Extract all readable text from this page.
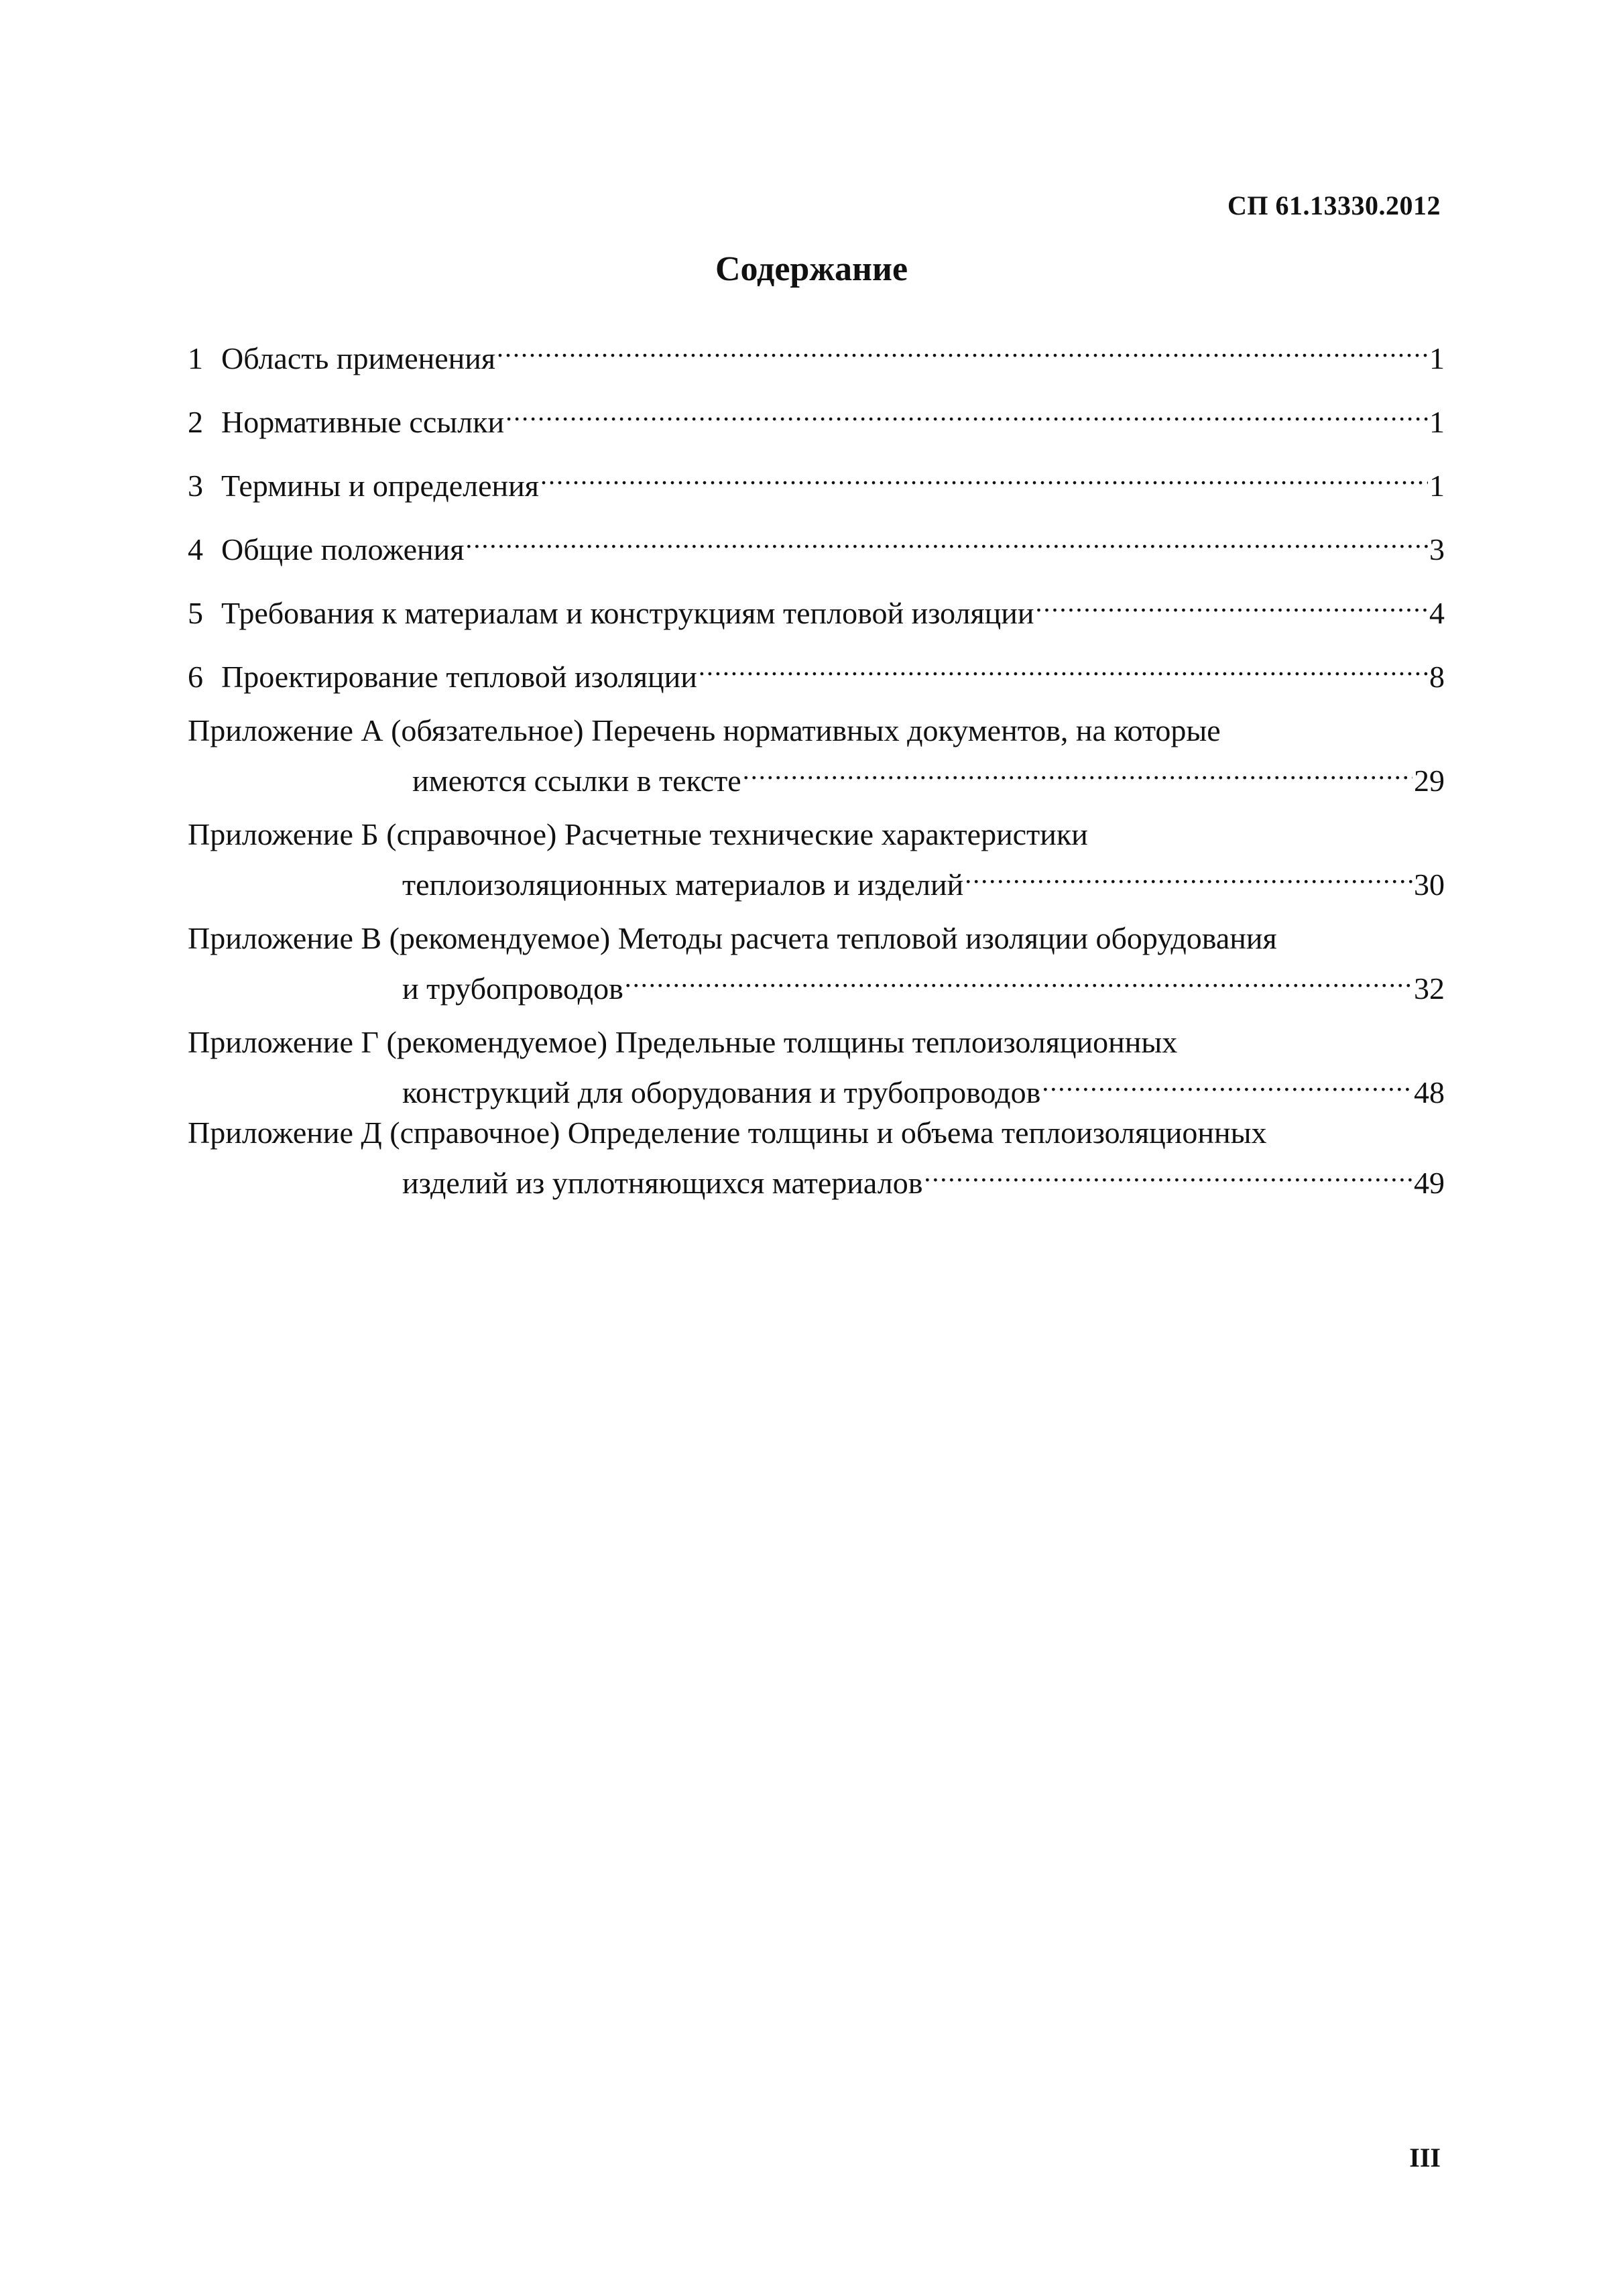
СП 61.13330.2012
Содержание
1 Область применения .....	1
2 Нормативные ссылки .....	1
3 Термины и определения .....	1
4 Общие положения .....	3
5 Требования к материалам и конструкциям тепловой изоляции .....	4
6 Проектирование тепловой изоляции .....	8
Приложение А (обязательное) Перечень нормативных документов, на которые
имеются ссылки в тексте .....	29
Приложение Б (справочное) Расчетные технические характеристики
теплоизоляционных материалов и изделий .....	30
Приложение В (рекомендуемое) Методы расчета тепловой изоляции оборудования
и трубопроводов .....	32
Приложение Г (рекомендуемое) Предельные толщины теплоизоляционных
конструкций для оборудования и трубопроводов .....	48
Приложение Д (справочное) Определение толщины и объема теплоизоляционных
изделий из уплотняющихся материалов .....	49
III
